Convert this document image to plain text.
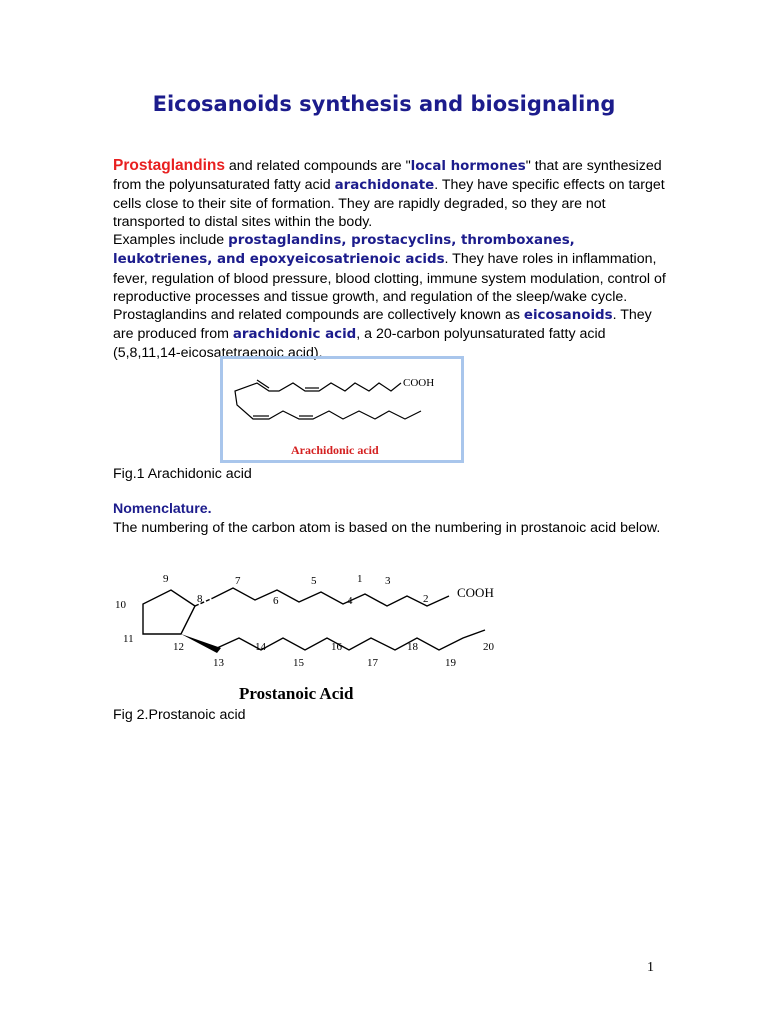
Eicosanoids synthesis and biosignaling
Prostaglandins and related compounds are "local hormones" that are synthesized from the polyunsaturated fatty acid arachidonate. They have specific effects on target cells close to their site of formation. They are rapidly degraded, so they are not transported to distal sites within the body.
Examples include prostaglandins, prostacyclins, thromboxanes, leukotrienes, and epoxyeicosatrienoic acids. They have roles in inflammation, fever, regulation of blood pressure, blood clotting, immune system modulation, control of reproductive processes and tissue growth, and regulation of the sleep/wake cycle. Prostaglandins and related compounds are collectively known as eicosanoids. They are produced from arachidonic acid, a 20-carbon polyunsaturated fatty acid (5,8,11,14-eicosatetraenoic acid).
COOH
Arachidonic acid
Fig.1 Arachidonic acid
Nomenclature.
The numbering of the carbon atom is based on the numbering in prostanoic acid below.
1
2
3
4
5
6
7
8
9
10
11
12
13
14
15
16
17
18
19
20
COOH
Prostanoic Acid
Fig 2.Prostanoic acid
1
